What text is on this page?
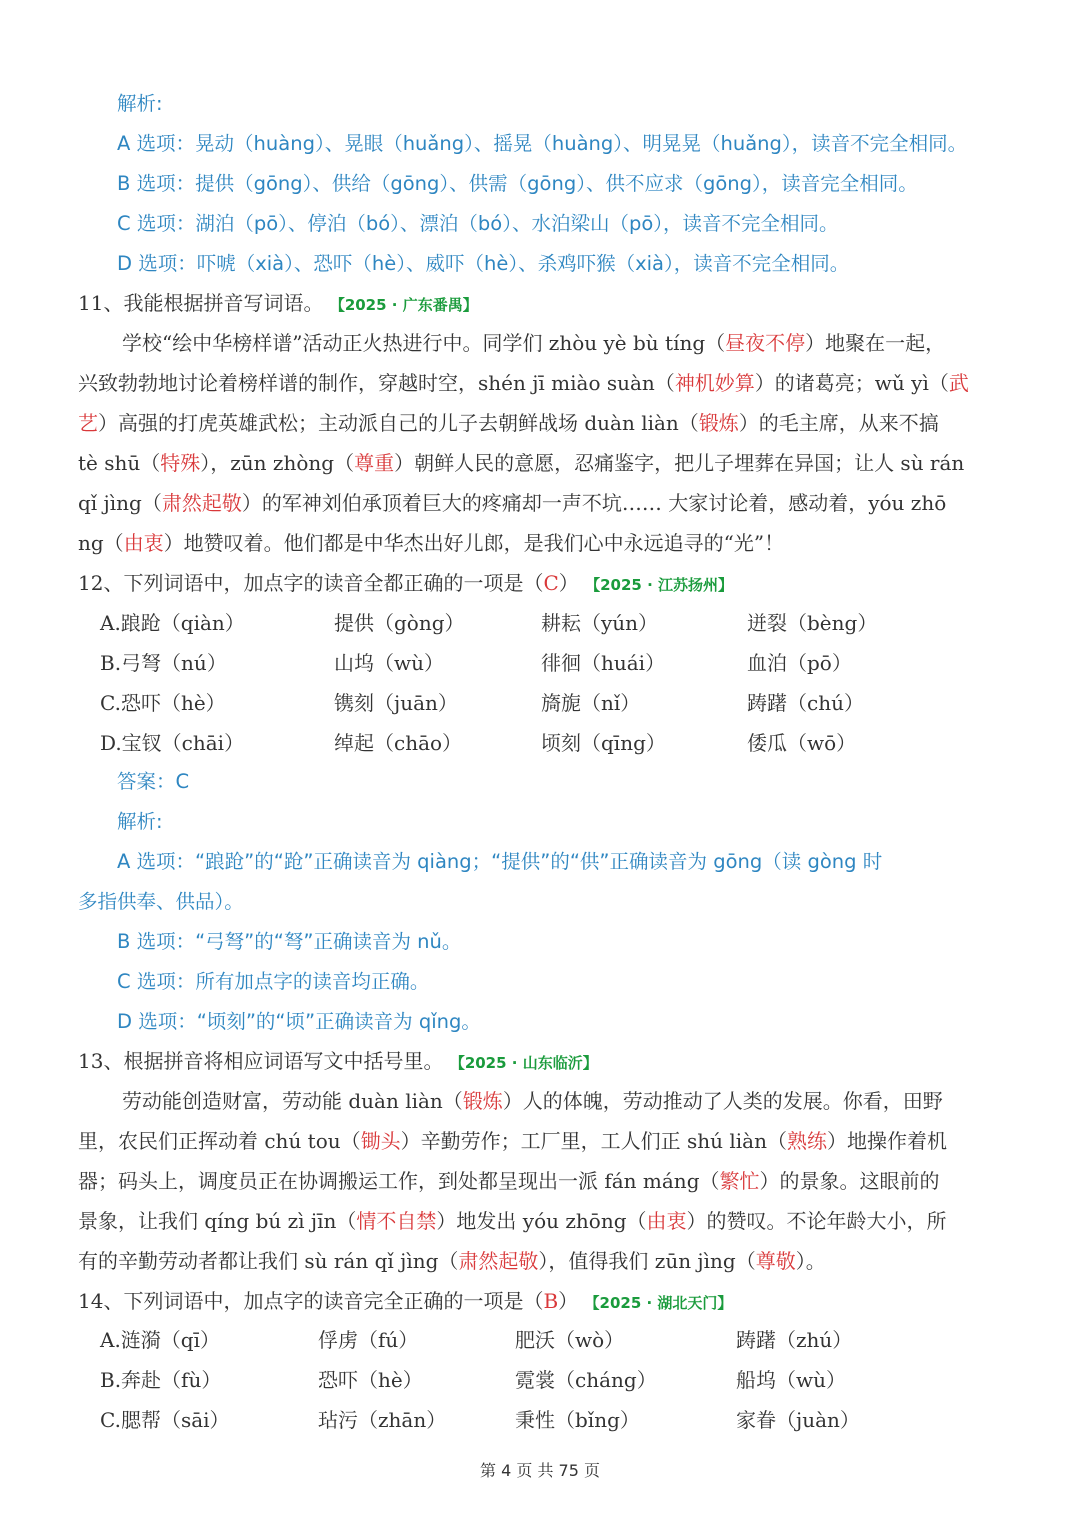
解析:
A 选项：晃动（huàng）、晃眼（huǎng）、摇晃（huàng）、明晃晃（huǎng），读音不完全相同。
B 选项：提供（gōng）、供给（gōng）、供需（gōng）、供不应求（gōng），读音完全相同。
C 选项：湖泊（pō）、停泊（bó）、漂泊（bó）、水泊梁山（pō），读音不完全相同。
D 选项：吓唬（xià）、恐吓（hè）、威吓（hè）、杀鸡吓猴（xià），读音不完全相同。
11、我能根据拼音写词语。 【2025 · 广东番禺】
学校“绘中华榜样谱”活动正火热进行中。同学们 zhòu yè bù tíng（昼夜不停）地聚在一起，
兴致勃勃地讨论着榜样谱的制作，穿越时空，shén jī miào suàn（神机妙算）的诸葛亮；wǔ yì（武
艺）高强的打虎英雄武松；主动派自己的儿子去朝鲜战场 duàn liàn（锻炼）的毛主席，从来不搞
tè shū（特殊），zūn zhòng（尊重）朝鲜人民的意愿，忍痛鉴字，把儿子埋葬在异国；让人 sù rán
qǐ jìng（肃然起敬）的军神刘伯承顶着巨大的疼痛却一声不坑…… 大家讨论着，感动着，yóu zhō
ng（由衷）地赞叹着。他们都是中华杰出好儿郎，是我们心中永远追寻的“光”！
12、下列词语中，加点字的读音全都正确的一项是（C） 【2025 · 江苏扬州】
A.踉跄（qiàn）	提供（gòng）	耕耘（yún）	迸裂（bèng）
B.弓弩（nú）	山坞（wù）	徘徊（huái）	血泊（pō）
C.恐吓（hè）	镌刻（juān）	旖旎（nǐ）	踌躇（chú）
D.宝钗（chāi）	绰起（chāo）	顷刻（qīng）	倭瓜（wō）
答案：C
解析:
A 选项：“踉跄”的“跄”正确读音为 qiàng；“提供”的“供”正确读音为 gōng（读 gòng 时
多指供奉、供品）。
B 选项：“弓弩”的“弩”正确读音为 nǔ。
C 选项：所有加点字的读音均正确。
D 选项：“顷刻”的“顷”正确读音为 qǐng。
13、根据拼音将相应词语写文中括号里。 【2025 · 山东临沂】
劳动能创造财富，劳动能 duàn liàn（锻炼）人的体魄，劳动推动了人类的发展。你看，田野
里，农民们正挥动着 chú tou（锄头）辛勤劳作；工厂里，工人们正 shú liàn（熟练）地操作着机
器；码头上，调度员正在协调搬运工作，到处都呈现出一派 fán máng（繁忙）的景象。这眼前的
景象，让我们 qíng bú zì jīn（情不自禁）地发出 yóu zhōng（由衷）的赞叹。不论年龄大小，所
有的辛勤劳动者都让我们 sù rán qǐ jìng（肃然起敬），值得我们 zūn jìng（尊敬）。
14、下列词语中，加点字的读音完全正确的一项是（B） 【2025 · 湖北天门】
A.涟漪（qī）	俘虏（fú）	肥沃（wò）	踌躇（zhú）
B.奔赴（fù）	恐吓（hè）	霓裳（cháng）	船坞（wù）
C.腮帮（sāi）	玷污（zhān）	秉性（bǐng）	家眷（juàn）
第 4 页 共 75 页
